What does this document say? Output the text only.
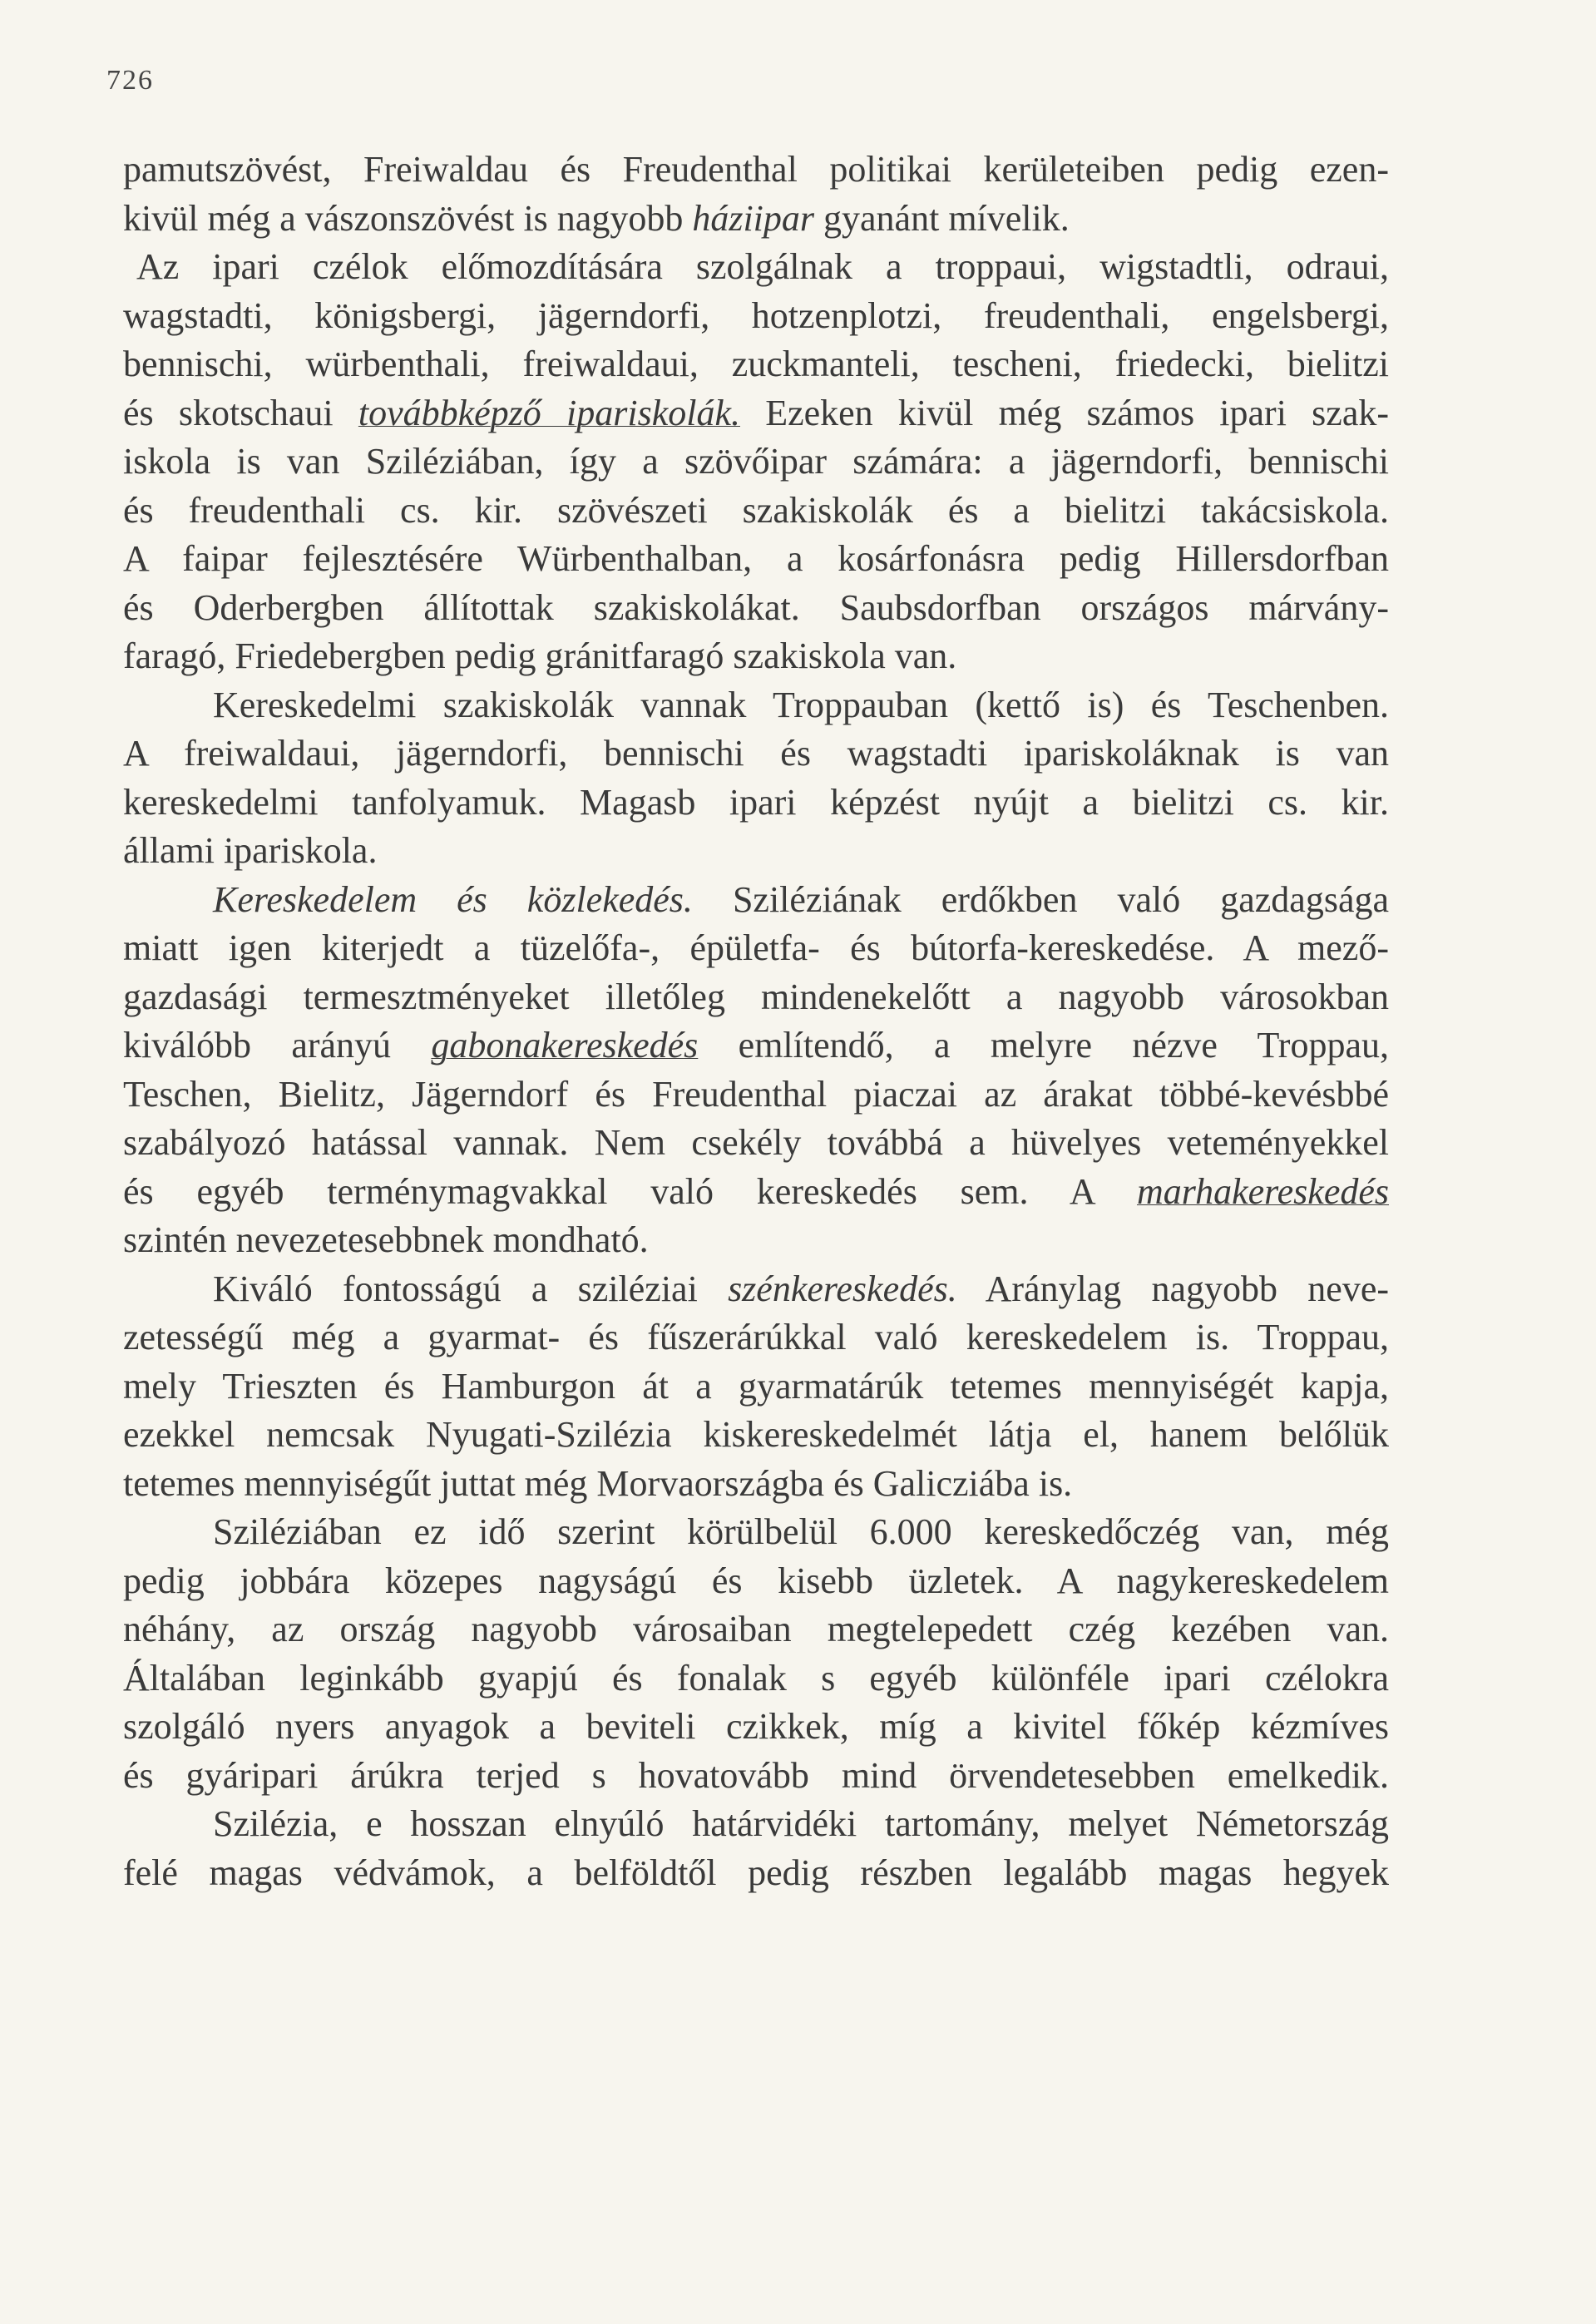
726
pamutszövést, Freiwaldau és Freudenthal politikai kerületeiben pedig ezen-
kivül még a vászonszövést is nagyobb háziipar gyanánt mívelik.
Az ipari czélok előmozdítására szolgálnak a troppaui, wigstadtli, odraui,
wagstadti, königsbergi, jägerndorfi, hotzenplotzi, freudenthali, engelsbergi,
bennischi, würbenthali, freiwaldaui, zuckmanteli, tescheni, friedecki, bielitzi
és skotschaui továbbképző ipariskolák. Ezeken kivül még számos ipari szak-
iskola is van Sziléziában, így a szövőipar számára: a jägerndorfi, bennischi
és freudenthali cs. kir. szövészeti szakiskolák és a bielitzi takácsiskola.
A faipar fejlesztésére Würbenthalban, a kosárfonásra pedig Hillersdorfban
és Oderbergben állítottak szakiskolákat. Saubsdorfban országos márvány-
faragó, Friedebergben pedig gránitfaragó szakiskola van.
Kereskedelmi szakiskolák vannak Troppauban (kettő is) és Teschenben.
A freiwaldaui, jägerndorfi, bennischi és wagstadti ipariskoláknak is van
kereskedelmi tanfolyamuk. Magasb ipari képzést nyújt a bielitzi cs. kir.
állami ipariskola.
Kereskedelem és közlekedés. Sziléziának erdőkben való gazdagsága
miatt igen kiterjedt a tüzelőfa-, épületfa- és bútorfa-kereskedése. A mező-
gazdasági termesztményeket illetőleg mindenekelőtt a nagyobb városokban
kiválóbb arányú gabonakereskedés említendő, a melyre nézve Troppau,
Teschen, Bielitz, Jägerndorf és Freudenthal piaczai az árakat többé-kevésbbé
szabályozó hatással vannak. Nem csekély továbbá a hüvelyes veteményekkel
és egyéb terménymagvakkal való kereskedés sem. A marhakereskedés
szintén nevezetesebbnek mondható.
Kiváló fontosságú a sziléziai szénkereskedés. Aránylag nagyobb neve-
zetességű még a gyarmat- és fűszerárúkkal való kereskedelem is. Troppau,
mely Trieszten és Hamburgon át a gyarmatárúk tetemes mennyiségét kapja,
ezekkel nemcsak Nyugati-Szilézia kiskereskedelmét látja el, hanem belőlük
tetemes mennyiségűt juttat még Morvaországba és Galicziába is.
Sziléziában ez idő szerint körülbelül 6.000 kereskedőczég van, még
pedig jobbára közepes nagyságú és kisebb üzletek. A nagykereskedelem
néhány, az ország nagyobb városaiban megtelepedett czég kezében van.
Általában leginkább gyapjú és fonalak s egyéb különféle ipari czélokra
szolgáló nyers anyagok a beviteli czikkek, míg a kivitel főkép kézmíves
és gyáripari árúkra terjed s hovatovább mind örvendetesebben emelkedik.
Szilézia, e hosszan elnyúló határvidéki tartomány, melyet Németország
felé magas védvámok, a belföldtől pedig részben legalább magas hegyek
